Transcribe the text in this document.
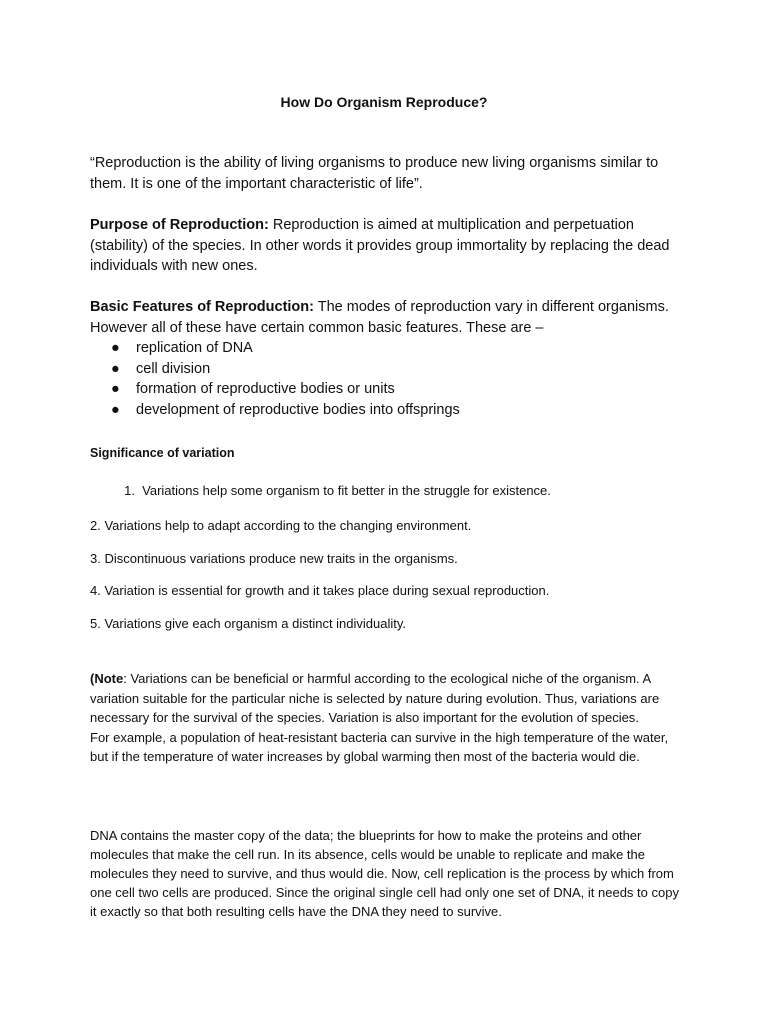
How Do Organism Reproduce?

“Reproduction is the ability of living organisms to produce new living organisms similar to them. It is one of the important characteristic of life”.

Purpose of Reproduction: Reproduction is aimed at multiplication and perpetuation (stability) of the species. In other words it provides group immortality by replacing the dead individuals with new ones.

Basic Features of Reproduction: The modes of reproduction vary in different organisms. However all of these have certain common basic features. These are –

● replication of DNA
● cell division
● formation of reproductive bodies or units
● development of reproductive bodies into offsprings

Significance of variation

1. Variations help some organism to fit better in the struggle for existence.

2. Variations help to adapt according to the changing environment.

3. Discontinuous variations produce new traits in the organisms.

4. Variation is essential for growth and it takes place during sexual reproduction.

5. Variations give each organism a distinct individuality.

(Note: Variations can be beneficial or harmful according to the ecological niche of the organism. A variation suitable for the particular niche is selected by nature during evolution. Thus, variations are necessary for the survival of the species. Variation is also important for the evolution of species.
For example, a population of heat-resistant bacteria can survive in the high temperature of the water, but if the temperature of water increases by global warming then most of the bacteria would die.

DNA contains the master copy of the data; the blueprints for how to make the proteins and other molecules that make the cell run. In its absence, cells would be unable to replicate and make the molecules they need to survive, and thus would die. Now, cell replication is the process by which from one cell two cells are produced. Since the original single cell had only one set of DNA, it needs to copy it exactly so that both resulting cells have the DNA they need to survive.
